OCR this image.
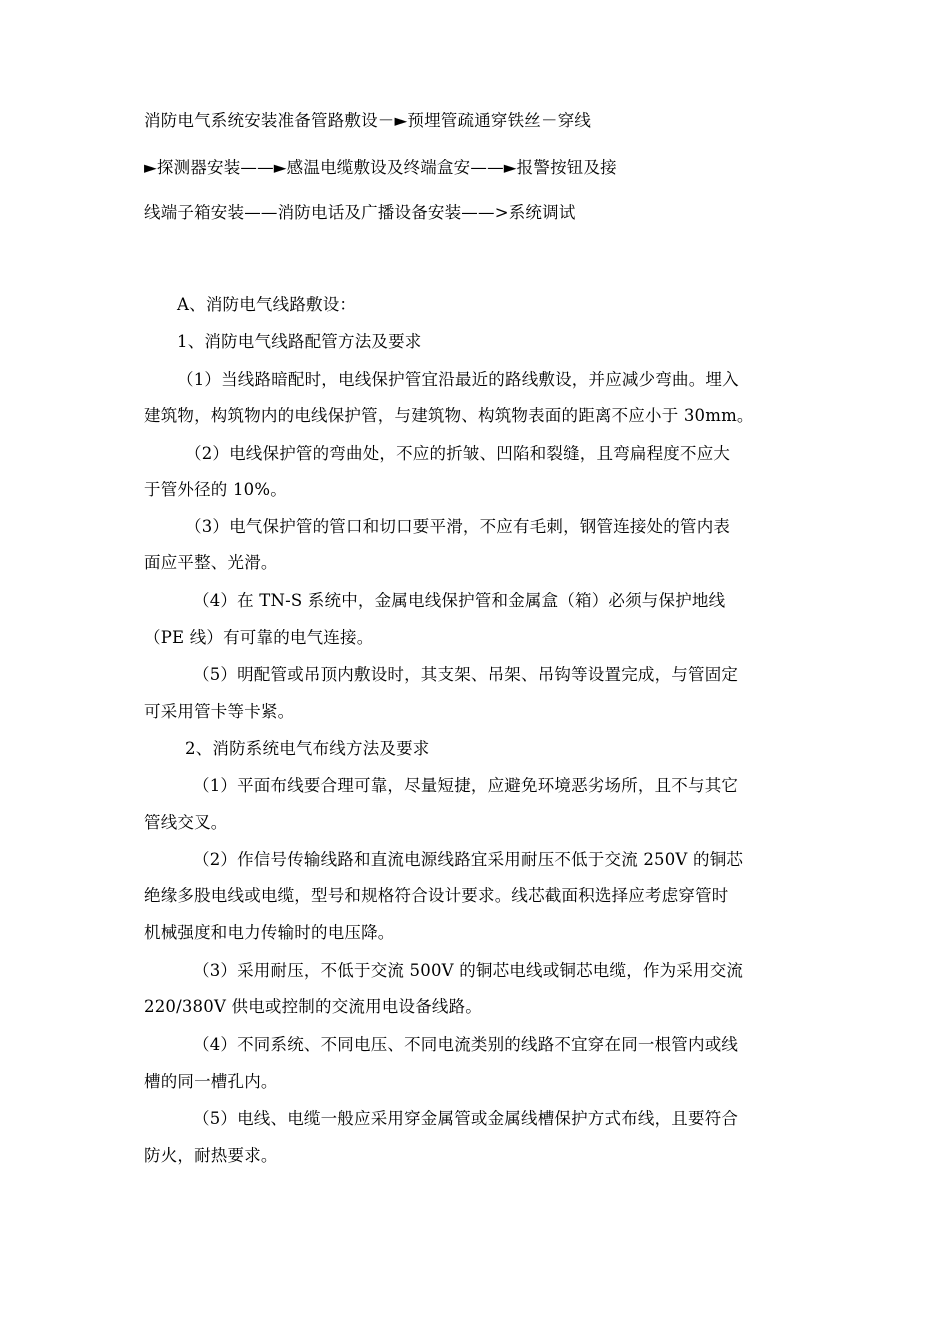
消防电气系统安装准备管路敷设－►预埋管疏通穿铁丝－穿线
►探测器安装——►感温电缆敷设及终端盒安——►报警按钮及接
线端子箱安装——消防电话及广播设备安装——>系统调试
A、消防电气线路敷设：
1、消防电气线路配管方法及要求
（1）当线路暗配时，电线保护管宜沿最近的路线敷设，并应减少弯曲。埋入
建筑物，构筑物内的电线保护管，与建筑物、构筑物表面的距离不应小于 30mm。
（2）电线保护管的弯曲处，不应的折皱、凹陷和裂缝，且弯扁程度不应大
于管外径的 10%。
（3）电气保护管的管口和切口要平滑，不应有毛刺，钢管连接处的管内表
面应平整、光滑。
（4）在 TN-S 系统中，金属电线保护管和金属盒（箱）必须与保护地线
（PE 线）有可靠的电气连接。
（5）明配管或吊顶内敷设时，其支架、吊架、吊钩等设置完成，与管固定
可采用管卡等卡紧。
2、消防系统电气布线方法及要求
（1）平面布线要合理可靠，尽量短捷，应避免环境恶劣场所，且不与其它
管线交叉。
（2）作信号传输线路和直流电源线路宜采用耐压不低于交流 250V 的铜芯
绝缘多股电线或电缆，型号和规格符合设计要求。线芯截面积选择应考虑穿管时
机械强度和电力传输时的电压降。
（3）采用耐压，不低于交流 500V 的铜芯电线或铜芯电缆，作为采用交流
220/380V 供电或控制的交流用电设备线路。
（4）不同系统、不同电压、不同电流类别的线路不宜穿在同一根管内或线
槽的同一槽孔内。
（5）电线、电缆一般应采用穿金属管或金属线槽保护方式布线，且要符合
防火，耐热要求。
